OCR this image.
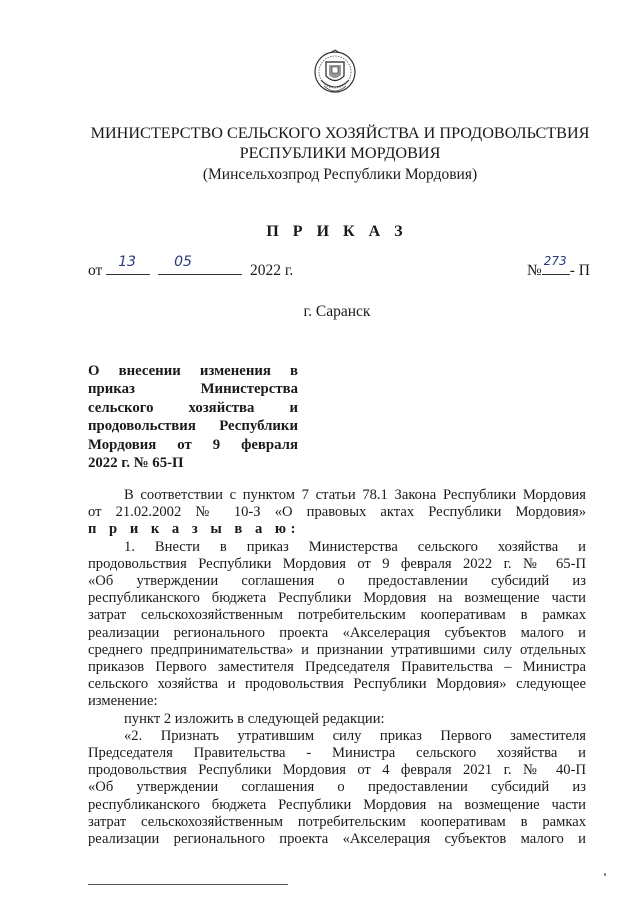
МИНИСТЕРСТВО СЕЛЬСКОГО ХОЗЯЙСТВА И ПРОДОВОЛЬСТВИЯ
РЕСПУБЛИКИ МОРДОВИЯ
(Минсельхозпрод Республики Мордовия)
П Р И К А З
от 13
	05	2022 г.	№
273
- П
г. Саранск
О внесении изменения в
приказ Министерства
сельского хозяйства и
продовольствия Республики
Мордовия от 9 февраля
2022 г. № 65-П
В соответствии с пунктом 7 статьи 78.1 Закона Республики Мордовия
от 21.02.2002 № 10-З «О правовых актах Республики Мордовия»
п р и к а з ы в а ю:
1. Внести в приказ Министерства сельского хозяйства и
продовольствия Республики Мордовия от 9 февраля 2022 г. № 65-П
«Об утверждении соглашения о предоставлении субсидий из
республиканского бюджета Республики Мордовия на возмещение части
затрат сельскохозяйственным потребительским кооперативам в рамках
реализации регионального проекта «Акселерация субъектов малого и
среднего предпринимательства» и признании утратившими силу отдельных
приказов Первого заместителя Председателя Правительства – Министра
сельского хозяйства и продовольствия Республики Мордовия» следующее
изменение:
пункт 2 изложить в следующей редакции:
«2. Признать утратившим силу приказ Первого заместителя
Председателя Правительства - Министра сельского хозяйства и
продовольствия Республики Мордовия от 4 февраля 2021 г. № 40-П
«Об утверждении соглашения о предоставлении субсидий из
республиканского бюджета Республики Мордовия на возмещение части
затрат сельскохозяйственным потребительским кооперативам в рамках
реализации регионального проекта «Акселерация субъектов малого и
